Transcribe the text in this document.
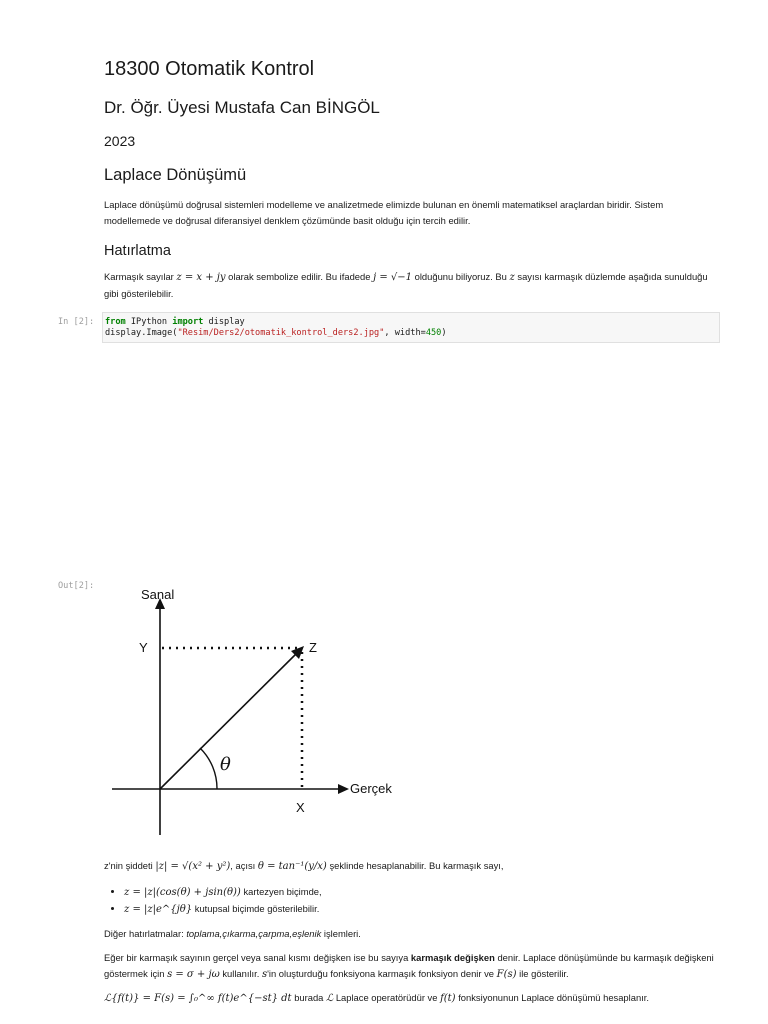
18300 Otomatik Kontrol
Dr. Öğr. Üyesi Mustafa Can BİNGÖL

2023

Laplace Dönüşümü

Laplace dönüşümü doğrusal sistemleri modelleme ve analizetmede elimizde bulunan en önemli matematiksel araçlardan biridir. Sistem modellemede ve doğrusal diferansiyel denklem çözümünde basit olduğu için tercih edilir.

Hatırlatma

Karmaşık sayılar z = x + jy olarak sembolize edilir. Bu ifadede j = √−1 olduğunu biliyoruz. Bu z sayısı karmaşık düzlemde aşağıda sunulduğu gibi gösterilebilir.

In [2]:	from IPython import display
display.Image("Resim/Ders2/otomatik_kontrol_ders2.jpg", width=450)
Out[2]:
Sanal
Gerçek
Z
Y
X
θ

z'nin şiddeti |z| = √(x² + y²), açısı θ = tan⁻¹(y/x) şeklinde hesaplanabilir. Bu karmaşık sayı,

• z = |z|(cos(θ) + jsin(θ)) kartezyen biçimde,
• z = |z|e^{jθ} kutupsal biçimde gösterilebilir.

Diğer hatırlatmalar: toplama,çıkarma,çarpma,eşlenik işlemleri.

Eğer bir karmaşık sayının gerçel veya sanal kısmı değişken ise bu sayıya karmaşık değişken denir. Laplace dönüşümünde bu karmaşık değişkeni göstermek için s = σ + jω kullanılır. s'in oluşturduğu fonksiyona karmaşık fonksiyon denir ve F(s) ile gösterilir.

ℒ{f(t)} = F(s) = ∫₀^∞ f(t)e^{−st} dt burada ℒ Laplace operatörüdür ve f(t) fonksiyonunun Laplace dönüşümü hesaplanır.
